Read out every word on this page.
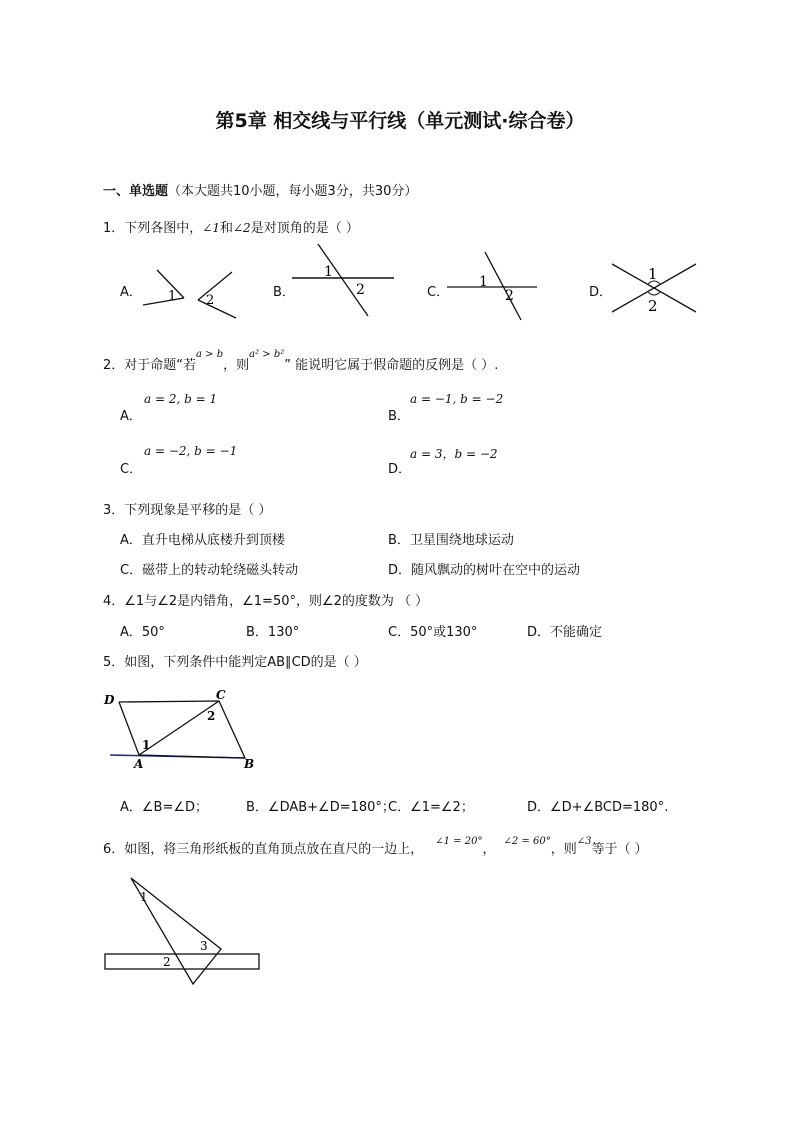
第5章 相交线与平行线（单元测试·综合卷）
一、单选题（本大题共10小题，每小题3分，共30分）
1．下列各图中，∠1和∠2是对顶角的是（ ）
A． 1 2
B．
1
2	C．
1
2	D．
1
2
2．对于命题“若$^{a > b}$，则$^{a^2 > b^2}$” 能说明它属于假命题的反例是（ ）.
A．
a = 2, b = 1
B．
a = −1, b = −2
C．
a = −2, b = −1
D．
a = 3，b = −2
3．下列现象是平移的是（ ）
A．直升电梯从底楼升到顶楼	B．卫星围绕地球运动
C．磁带上的转动轮绕磁头转动	D．随风飘动的树叶在空中的运动
4．∠1与∠2是内错角，∠1=50°，则∠2的度数为 （ ）
A．50°	B．130°	C．50°或130°	D．不能确定
5．如图，下列条件中能判定AB∥CD的是（ ）
D	C
A	B
1
2
A．∠B=∠D；	B．∠DAB+∠D=180°；
C．∠1=∠2；	D．∠D+∠BCD=180°.
6．如图，将三角形纸板的直角顶点放在直尺的一边上，$^{\angle 1 = 20^\circ}$，$^{\angle 2 = 60^\circ}$，则$^{\angle 3}$等于（ ）
1
2
3
